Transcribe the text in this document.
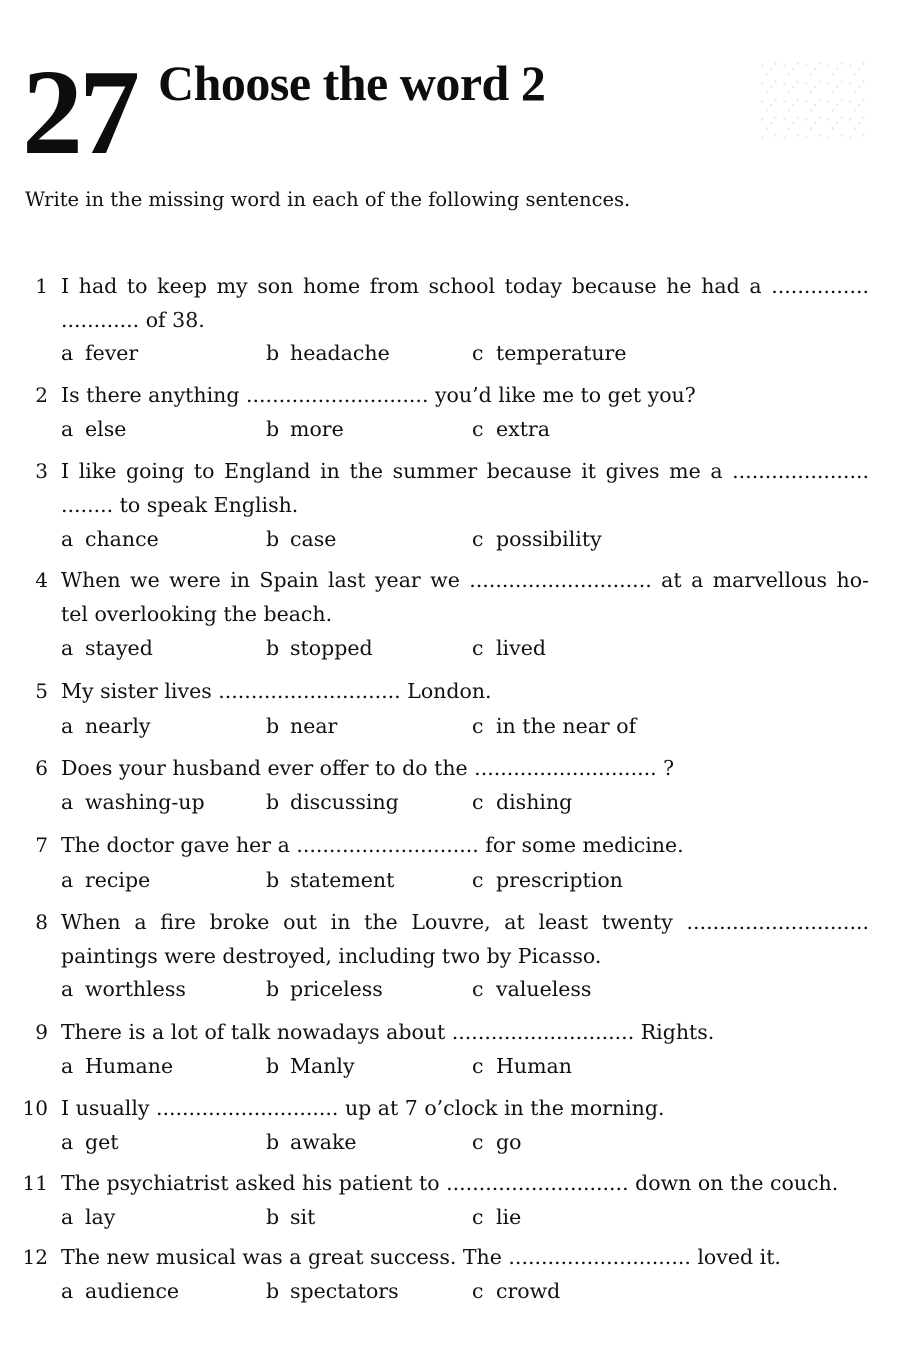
27 Choose the word 2
Write in the missing word in each of the following sentences.
1 I had to keep my son home from school today because he had a ...............
............ of 38.
a fever	b headache	c temperature
2 Is there anything ............................ you’d like me to get you?
a else	b more	c extra
3 I like going to England in the summer because it gives me a .....................
........ to speak English.
a chance	b case	c possibility
4 When we were in Spain last year we ............................ at a marvellous ho-
tel overlooking the beach.
a stayed	b stopped	c lived
5 My sister lives ............................ London.
a nearly	b near	c in the near of
6 Does your husband ever offer to do the ............................ ?
a washing-up	b discussing	c dishing
7 The doctor gave her a ............................ for some medicine.
a recipe	b statement	c prescription
8 When a fire broke out in the Louvre, at least twenty ............................
paintings were destroyed, including two by Picasso.
a worthless	b priceless	c valueless
9 There is a lot of talk nowadays about ............................ Rights.
a Humane	b Manly	c Human
10 I usually ............................ up at 7 o’clock in the morning.
a get	b awake	c go
11 The psychiatrist asked his patient to ............................ down on the couch.
a lay	b sit	c lie
12 The new musical was a great success. The ............................ loved it.
a audience	b spectators	c crowd
